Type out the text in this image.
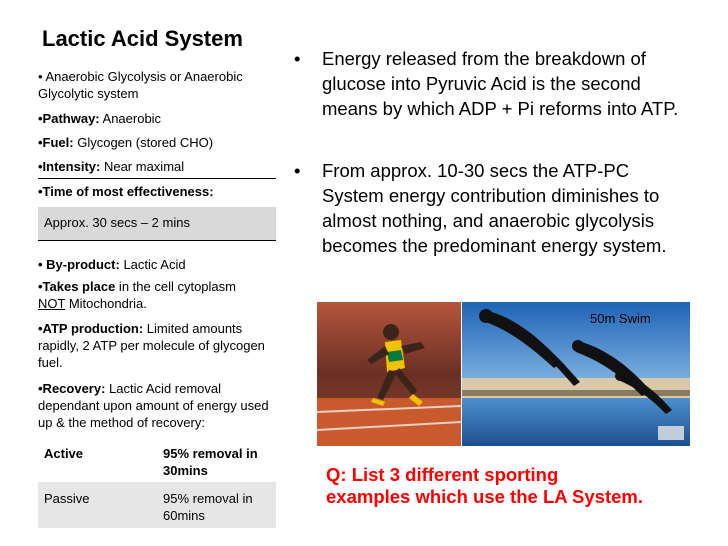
Lactic Acid System
• Anaerobic Glycolysis or Anaerobic Glycolytic system
•Pathway: Anaerobic
•Fuel: Glycogen (stored CHO)
•Intensity: Near maximal
•Time of most effectiveness:
Approx. 30 secs – 2 mins
• By-product: Lactic Acid
•Takes place in the cell cytoplasm
NOT Mitochondria.
•ATP production: Limited amounts rapidly, 2 ATP per molecule of glycogen fuel.
•Recovery: Lactic Acid removal dependant upon amount of energy used up & the method of recovery:
Active	95% removal in 30mins
Passive	95% removal in 60mins
• Energy released from the breakdown of glucose into Pyruvic Acid is the second means by which ADP + Pi reforms into ATP.
• From approx. 10-30 secs the ATP-PC System energy contribution diminishes to almost nothing, and anaerobic glycolysis becomes the predominant energy system.
50m Swim
Q: List 3 different sporting examples which use the LA System.
